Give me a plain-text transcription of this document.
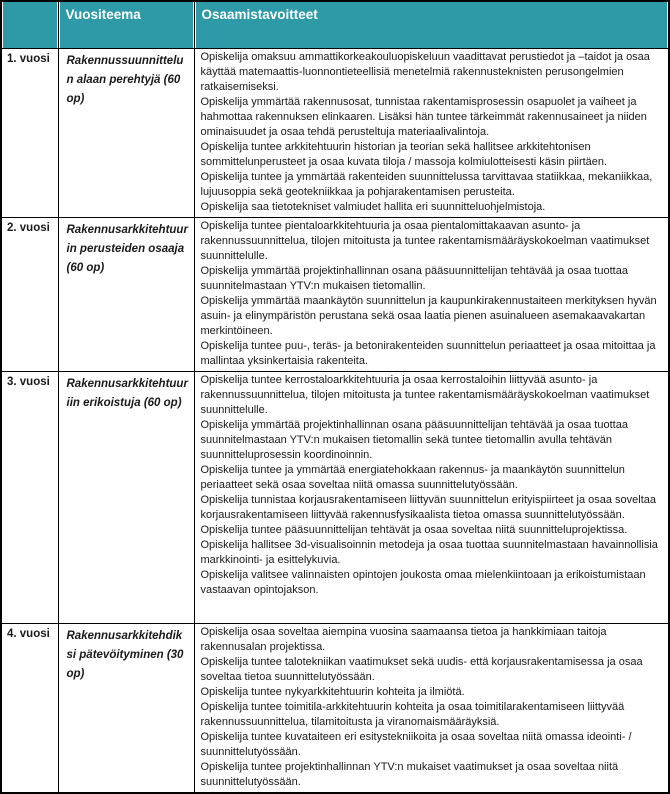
	Vuositeema	Osaamistavoitteet
1. vuosi	Rakennussuunnittelun alaan perehtyjä (60 op)	Opiskelija omaksuu ammattikorkeakouluopiskeluun vaadittavat perustiedot ja –taidot ja osaa käyttää matemaattis-luonnontieteellisiä menetelmiä rakennusteknisten perusongelmien ratkaisemiseksi.
Opiskelija ymmärtää rakennusosat, tunnistaa rakentamisprosessin osapuolet ja vaiheet ja hahmottaa rakennuksen elinkaaren. Lisäksi hän tuntee tärkeimmät rakennusaineet ja niiden ominaisuudet ja osaa tehdä perusteltuja materiaalivalintoja.
Opiskelija tuntee arkkitehtuurin historian ja teorian sekä hallitsee arkkitehtonisen sommittelunperusteet ja osaa kuvata tiloja / massoja kolmiulotteisesti käsin piirtäen.
Opiskelija tuntee ja ymmärtää rakenteiden suunnittelussa tarvittavaa statiikkaa, mekaniikkaa, lujuusoppia sekä geotekniikkaa ja pohjarakentamisen perusteita.
Opiskelija saa tietotekniset valmiudet hallita eri suunnitteluohjelmistoja.

2. vuosi	Rakennusarkkitehtuurin perusteiden osaaja (60 op)	Opiskelija tuntee pientaloarkkitehtuuria ja osaa pientalomittakaavan asunto- ja rakennussuunnittelua, tilojen mitoitusta ja tuntee rakentamismääräyskokoelman vaatimukset suunnittelulle.
Opiskelija ymmärtää projektinhallinnan osana pääsuunnittelijan tehtävää ja osaa tuottaa suunnitelmastaan YTV:n mukaisen tietomallin.
Opiskelija ymmärtää maankäytön suunnittelun ja kaupunkirakennustaiteen merkityksen hyvän asuin- ja elinympäristön perustana sekä osaa laatia pienen asuinalueen asemakaavakartan merkintöineen.
Opiskelija tuntee puu-, teräs- ja betonirakenteiden suunnittelun periaatteet ja osaa mitoittaa ja mallintaa yksinkertaisia rakenteita.

3. vuosi	Rakennusarkkitehtuuriin erikoistuja (60 op)	
Opiskelija tuntee kerrostaloarkkitehtuuria ja osaa kerrostaloihin liittyvää asunto- ja rakennussuunnittelua, tilojen mitoitusta ja tuntee rakentamismääräyskokoelman vaatimukset suunnittelulle.
Opiskelija ymmärtää projektinhallinnan osana pääsuunnittelijan tehtävää ja osaa tuottaa suunnitelmastaan YTV:n mukaisen tietomallin sekä tuntee tietomallin avulla tehtävän suunnitteluprosessin koordinoinnin.
Opiskelija tuntee ja ymmärtää energiatehokkaan rakennus- ja maankäytön suunnittelun periaatteet sekä osaa soveltaa niitä omassa suunnittelutyössään.
Opiskelija tunnistaa korjausrakentamiseen liittyvän suunnittelun erityispiirteet ja osaa soveltaa korjausrakentamiseen liittyvää rakennusfysikaalista tietoa omassa suunnittelutyössään.
Opiskelija tuntee pääsuunnittelijan tehtävät ja osaa soveltaa niitä suunnitteluprojektissa.
Opiskelija hallitsee 3d-visualisoinnin metodeja ja osaa tuottaa suunnitelmastaan havainnollisia markkinointi- ja esittelykuvia.
Opiskelija valitsee valinnaisten opintojen joukosta omaa mielenkiintoaan ja erikoistumistaan vastaavan opintojakson.

4. vuosi	Rakennusarkkitehdiksi pätevöityminen (30 op)	
Opiskelija osaa soveltaa aiempina vuosina saamaansa tietoa ja hankkimiaan taitoja rakennusalan projektissa.
Opiskelija tuntee talotekniikan vaatimukset sekä uudis- että korjausrakentamisessa ja osaa soveltaa tietoa suunnittelutyössään.
Opiskelija tuntee nykyarkkitehtuurin kohteita ja ilmiötä.
Opiskelija tuntee toimitila-arkkitehtuurin kohteita ja osaa toimitilarakentamiseen liittyvää rakennussuunnittelua, tilamitoitusta ja viranomaismääräyksiä.
Opiskelija tuntee kuvataiteen eri esitystekniikoita ja osaa soveltaa niitä omassa ideointi- / suunnittelutyössään.
Opiskelija tuntee projektinhallinnan YTV:n mukaiset vaatimukset ja osaa soveltaa niitä suunnittelutyössään.
